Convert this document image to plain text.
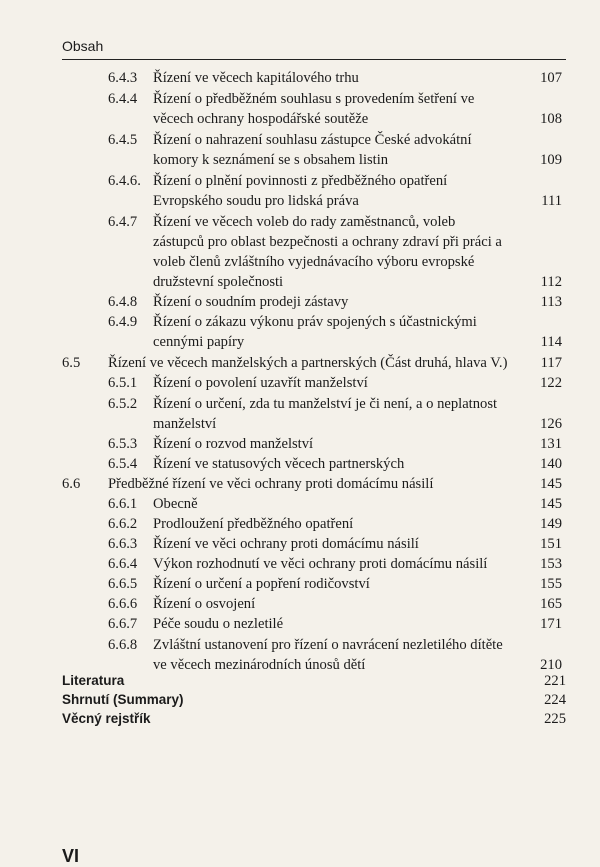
Obsah
6.4.3 Řízení ve věcech kapitálového trhu	107
6.4.4 Řízení o předběžném souhlasu s provedením šetření ve věcech ochrany hospodářské soutěže	108
6.4.5 Řízení o nahrazení souhlasu zástupce České advokátní komory k seznámení se s obsahem listin	109
6.4.6. Řízení o plnění povinnosti z předběžného opatření Evropského soudu pro lidská práva	111
6.4.7 Řízení ve věcech voleb do rady zaměstnanců, voleb zástupců pro oblast bezpečnosti a ochrany zdraví při práci a voleb členů zvláštního vyjednávacího výboru evropské družstevní společnosti	112
6.4.8 Řízení o soudním prodeji zástavy	113
6.4.9 Řízení o zákazu výkonu práv spojených s účastnickými cennými papíry	114
6.5 Řízení ve věcech manželských a partnerských (Část druhá, hlava V.) 117
6.5.1 Řízení o povolení uzavřít manželství	122
6.5.2 Řízení o určení, zda tu manželství je či není, a o neplatnost manželství	126
6.5.3 Řízení o rozvod manželství	131
6.5.4 Řízení ve statusových věcech partnerských	140
6.6 Předběžné řízení ve věci ochrany proti domácímu násilí	145
6.6.1 Obecně	145
6.6.2 Prodloužení předběžného opatření	149
6.6.3 Řízení ve věci ochrany proti domácímu násilí	151
6.6.4 Výkon rozhodnutí ve věci ochrany proti domácímu násilí	153
6.6.5 Řízení o určení a popření rodičovství	155
6.6.6 Řízení o osvojení	165
6.6.7 Péče soudu o nezletilé	171
6.6.8 Zvláštní ustanovení pro řízení o navrácení nezletilého dítěte ve věcech mezinárodních únosů dětí	210
Literatura	221
Shrnutí (Summary)	224
Věcný rejstřík	225
VI
